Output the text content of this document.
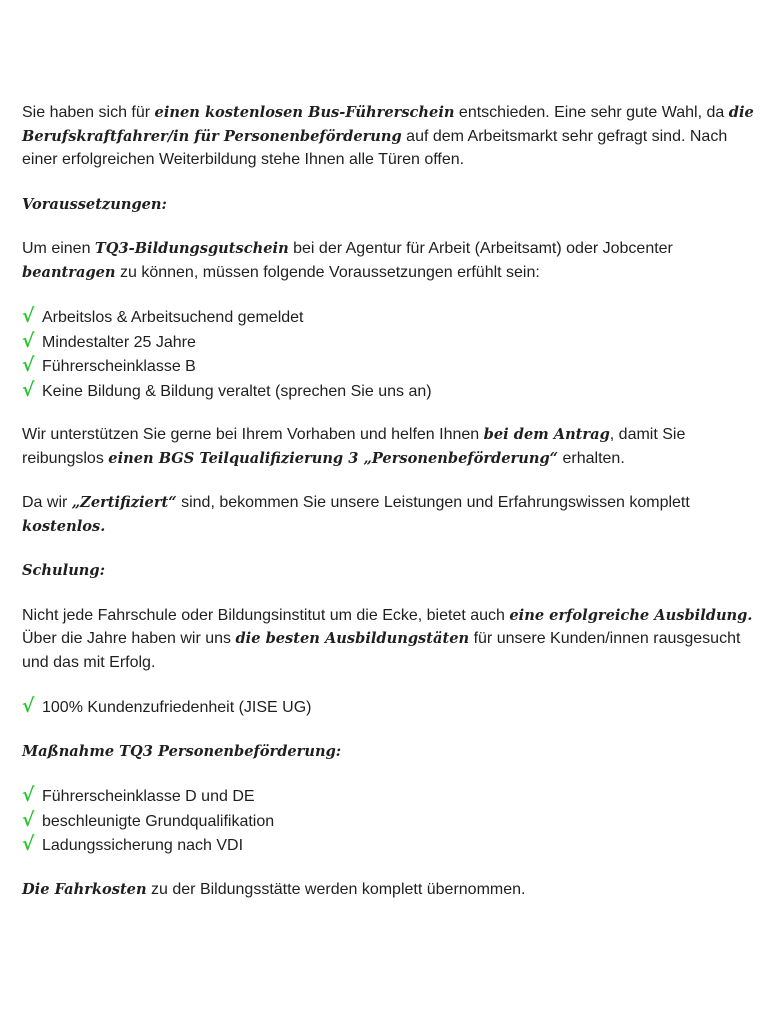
Sie haben sich für einen kostenlosen Bus-Führerschein entschieden. Eine sehr gute Wahl, da die Berufskraftfahrer/in für Personenbeförderung auf dem Arbeitsmarkt sehr gefragt sind. Nach einer erfolgreichen Weiterbildung stehe Ihnen alle Türen offen.

Voraussetzungen:

Um einen TQ3-Bildungsgutschein bei der Agentur für Arbeit (Arbeitsamt) oder Jobcenter beantragen zu können, müssen folgende Voraussetzungen erfühlt sein:

√ Arbeitslos & Arbeitsuchend gemeldet
√ Mindestalter 25 Jahre
√ Führerscheinklasse B
√ Keine Bildung & Bildung veraltet (sprechen Sie uns an)

Wir unterstützen Sie gerne bei Ihrem Vorhaben und helfen Ihnen bei dem Antrag, damit Sie reibungslos einen BGS Teilqualifizierung 3 „Personenbeförderung“ erhalten.

Da wir „Zertifiziert“ sind, bekommen Sie unsere Leistungen und Erfahrungswissen komplett kostenlos.

Schulung:

Nicht jede Fahrschule oder Bildungsinstitut um die Ecke, bietet auch eine erfolgreiche Ausbildung. Über die Jahre haben wir uns die besten Ausbildungstäten für unsere Kunden/innen rausgesucht und das mit Erfolg.

√ 100% Kundenzufriedenheit (JISE UG)

Maßnahme TQ3 Personenbeförderung:

√ Führerscheinklasse D und DE
√ beschleunigte Grundqualifikation
√ Ladungssicherung nach VDI

Die Fahrkosten zu der Bildungsstätte werden komplett übernommen.
